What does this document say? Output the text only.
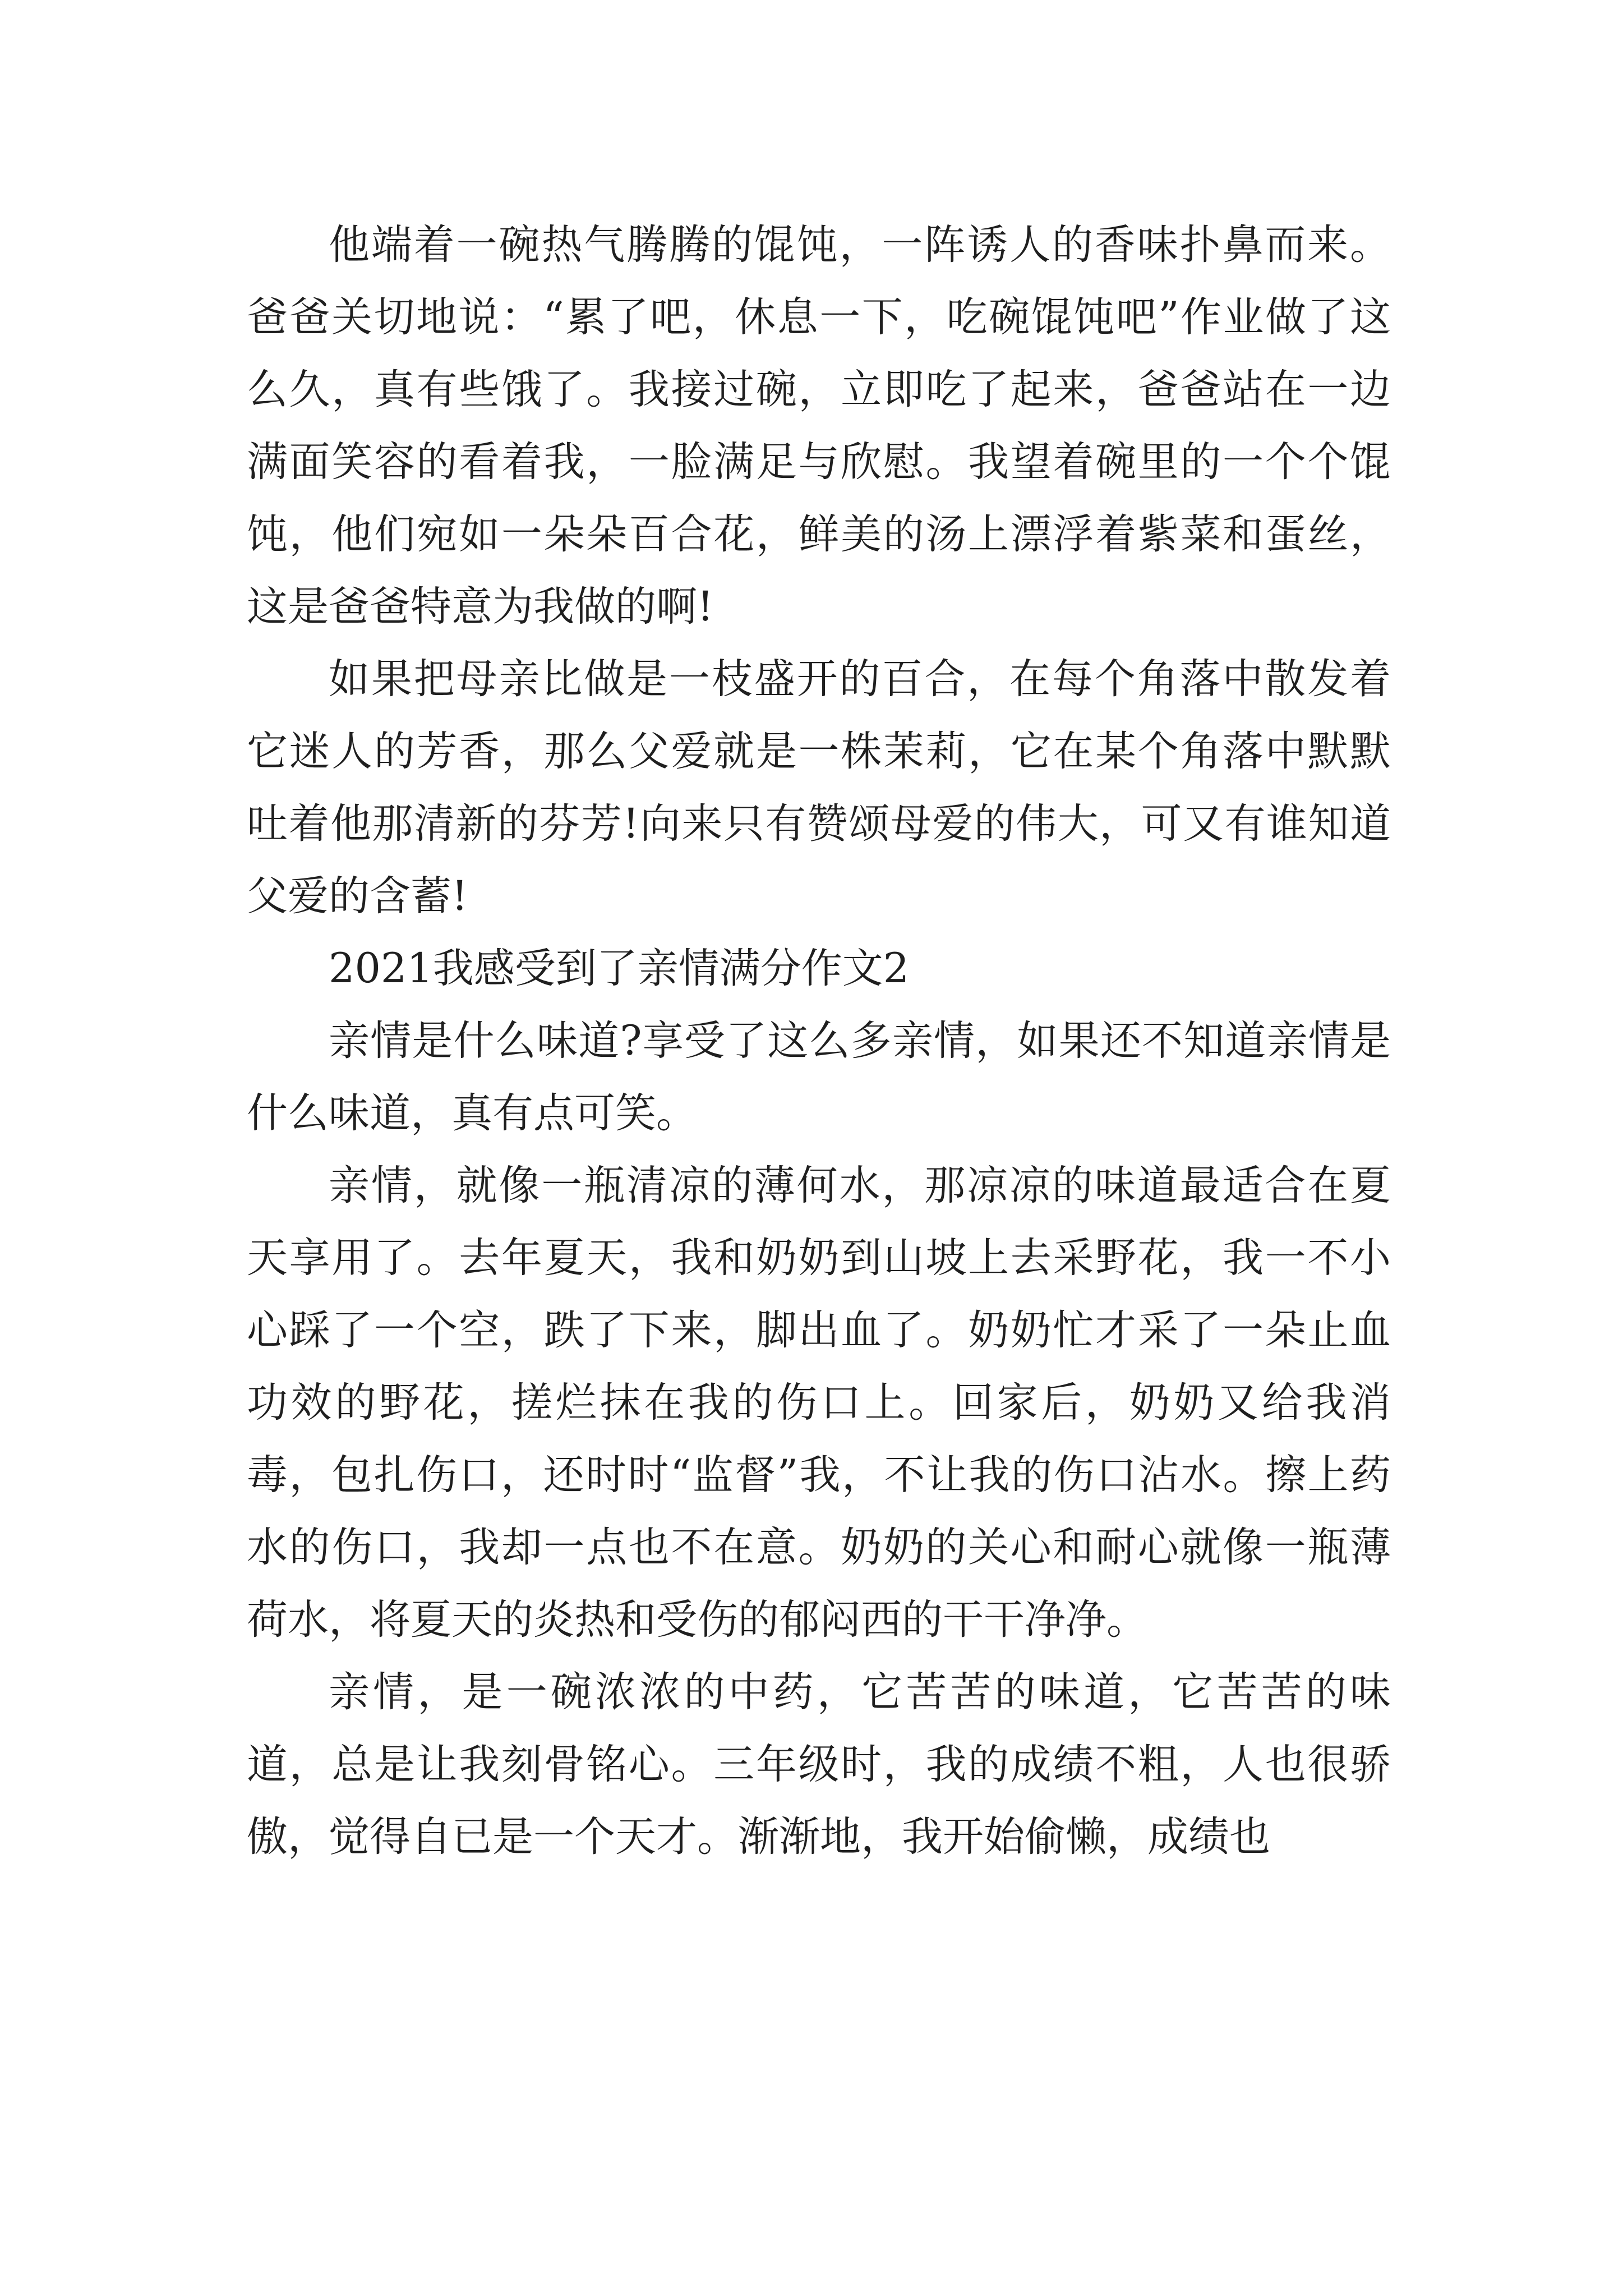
他端着一碗热气腾腾的馄饨，一阵诱人的香味扑鼻而来。爸爸关切地说：“累了吧，休息一下，吃碗馄饨吧”作业做了这么久，真有些饿了。我接过碗，立即吃了起来，爸爸站在一边满面笑容的看着我，一脸满足与欣慰。我望着碗里的一个个馄饨，他们宛如一朵朵百合花，鲜美的汤上漂浮着紫菜和蛋丝，这是爸爸特意为我做的啊!

如果把母亲比做是一枝盛开的百合，在每个角落中散发着它迷人的芳香，那么父爱就是一株茉莉，它在某个角落中默默吐着他那清新的芬芳!向来只有赞颂母爱的伟大，可又有谁知道父爱的含蓄!

2021我感受到了亲情满分作文2

亲情是什么味道?享受了这么多亲情，如果还不知道亲情是什么味道，真有点可笑。

亲情，就像一瓶清凉的薄何水，那凉凉的味道最适合在夏天享用了。去年夏天，我和奶奶到山坡上去采野花，我一不小心踩了一个空，跌了下来，脚出血了。奶奶忙才采了一朵止血功效的野花，搓烂抹在我的伤口上。回家后，奶奶又给我消毒，包扎伤口，还时时“监督”我，不让我的伤口沾水。擦上药水的伤口，我却一点也不在意。奶奶的关心和耐心就像一瓶薄荷水，将夏天的炎热和受伤的郁闷西的干干净净。

亲情，是一碗浓浓的中药，它苦苦的味道，它苦苦的味道，总是让我刻骨铭心。三年级时，我的成绩不粗，人也很骄傲，觉得自已是一个天才。渐渐地，我开始偷懒，成绩也
